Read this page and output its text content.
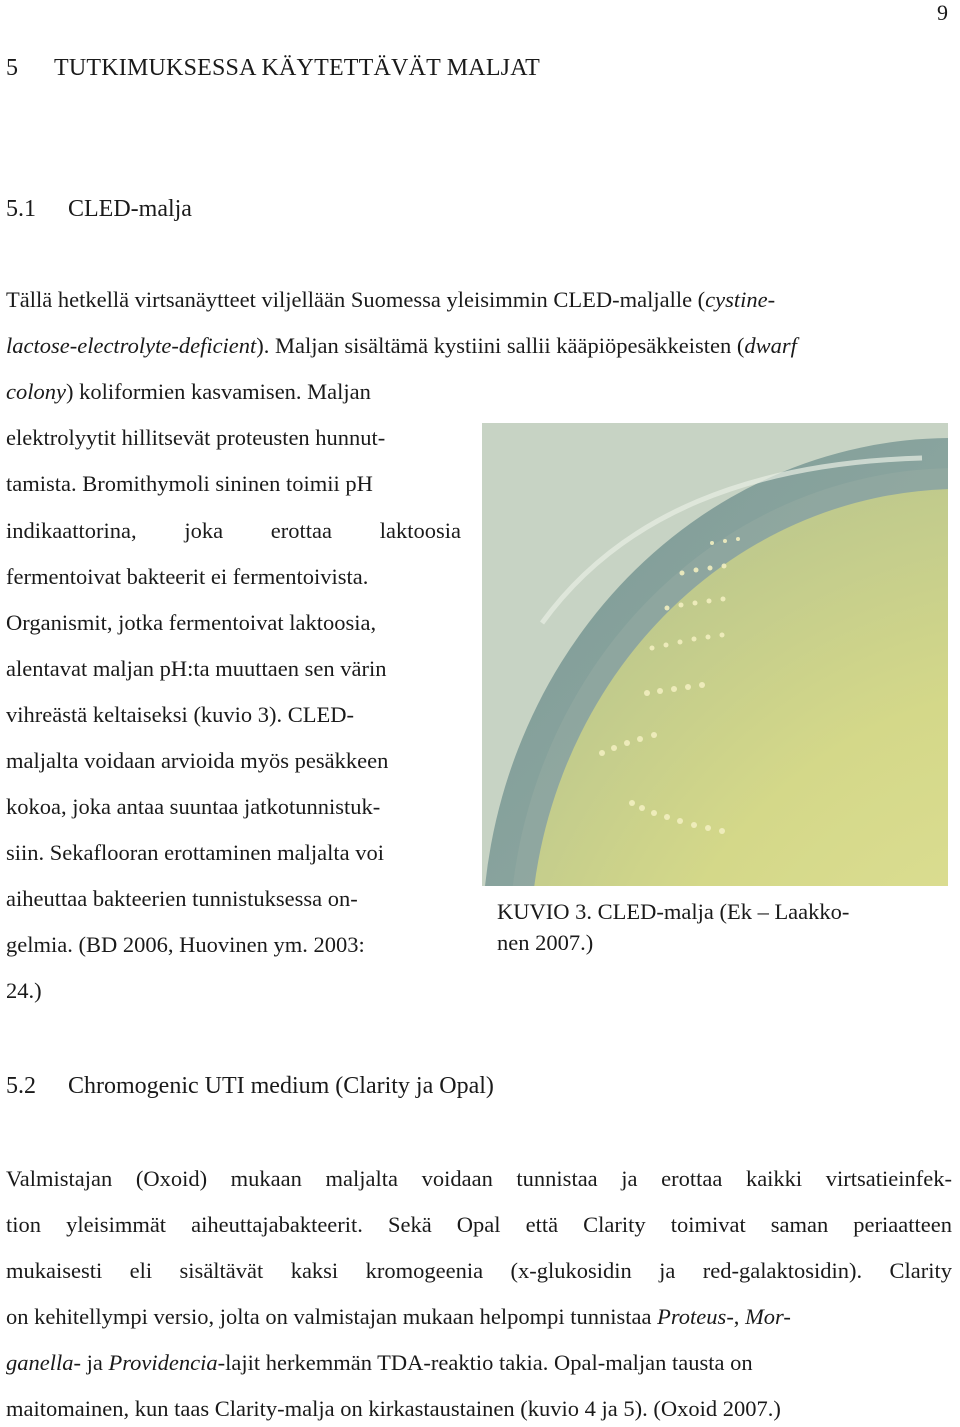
9
5 TUTKIMUKSESSA KÄYTETTÄVÄT MALJAT
5.1 CLED-malja
Tällä hetkellä virtsanäytteet viljellään Suomessa yleisimmin CLED-maljalle (cystine-
lactose-electrolyte-deficient). Maljan sisältämä kystiini sallii kääpiöpesäkkeisten (dwarf
colony) koliformien kasvamisen. Maljan
elektrolyytit hillitsevät proteusten hunnut-
tamista. Bromithymoli sininen toimii pH
indikaattorina, joka erottaa laktoosia
fermentoivat bakteerit ei fermentoivista.
Organismit, jotka fermentoivat laktoosia,
alentavat maljan pH:ta muuttaen sen värin
vihreästä keltaiseksi (kuvio 3). CLED-
maljalta voidaan arvioida myös pesäkkeen
kokoa, joka antaa suuntaa jatkotunnistuk-
siin. Sekaflooran erottaminen maljalta voi
aiheuttaa bakteerien tunnistuksessa on-
gelmia. (BD 2006, Huovinen ym. 2003:
24.)
KUVIO 3. CLED-malja (Ek – Laakko-
nen 2007.)
5.2 Chromogenic UTI medium (Clarity ja Opal)
Valmistajan (Oxoid) mukaan maljalta voidaan tunnistaa ja erottaa kaikki virtsatieinfek-
tion yleisimmät aiheuttajabakteerit. Sekä Opal että Clarity toimivat saman periaatteen
mukaisesti eli sisältävät kaksi kromogeenia (x-glukosidin ja red-galaktosidin). Clarity
on kehitellympi versio, jolta on valmistajan mukaan helpompi tunnistaa Proteus-, Mor-
ganella- ja Providencia-lajit herkemmän TDA-reaktio takia. Opal-maljan tausta on
maitomainen, kun taas Clarity-malja on kirkastaustainen (kuvio 4 ja 5). (Oxoid 2007.)
